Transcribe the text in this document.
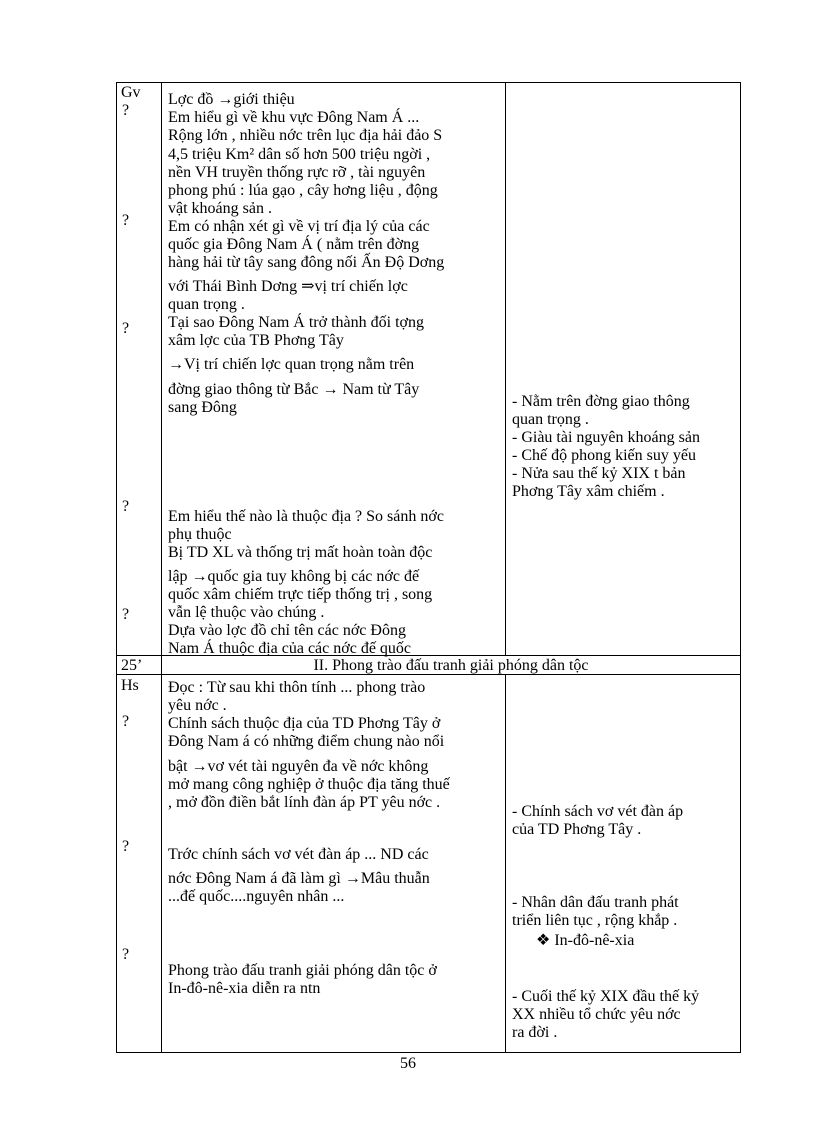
Gv
?
?
?
?
?
Lợc đồ →giới thiệu
Em hiểu gì về khu vực Đông Nam Á ...
Rộng lớn , nhiều nớc trên lục địa hải đảo S
4,5 triệu Km² dân số hơn 500 triệu ngời ,
nền VH truyền thống rực rỡ , tài nguyên
phong phú : lúa gạo , cây hơng liệu , động
vật khoáng sản .
Em có nhận xét gì về vị trí địa lý của các
quốc gia Đông Nam Á ( nằm trên đờng
hàng hải từ tây sang đông nối Ấn Độ Dơng
với Thái Bình Dơng ⇒vị trí chiến lợc
quan trọng .
Tại sao Đông Nam Á trở thành đối tợng
xâm lợc của TB Phơng Tây
→Vị trí chiến lợc quan trọng nằm trên
đờng giao thông từ Bắc → Nam từ Tây
sang Đông
Em hiểu thế nào là thuộc địa ? So sánh nớc
phụ thuộc
Bị TD XL và thống trị mất hoàn toàn độc
lập →quốc gia tuy không bị các nớc đế
quốc xâm chiếm trực tiếp thống trị , song
vẫn lệ thuộc vào chúng .
Dựa vào lợc đồ chỉ tên các nớc Đông
Nam Á thuộc địa của các nớc đế quốc
- Nằm trên đờng giao thông
quan trọng .
- Giàu tài nguyên khoáng sản
- Chế độ phong kiến suy yếu
- Nửa sau thế kỷ XIX t bản
Phơng Tây xâm chiếm .
25’	II. Phong trào đấu tranh giải phóng dân tộc
Hs
?
?
?
Đọc : Từ sau khi thôn tính ... phong trào
yêu nớc .
Chính sách thuộc địa của TD Phơng Tây ở
Đông Nam á có những điểm chung nào nổi
bật →vơ vét tài nguyên đa về nớc không
mở mang công nghiệp ở thuộc địa tăng thuế
, mở đồn điền bắt lính đàn áp PT yêu nớc .
Trớc chính sách vơ vét đàn áp ... ND các
nớc Đông Nam á đã làm gì →Mâu thuẫn
...đế quốc....nguyên nhân ...
Phong trào đấu tranh giải phóng dân tộc ở
In-đô-nê-xia diễn ra ntn
- Chính sách vơ vét đàn áp
của TD Phơng Tây .
- Nhân dân đấu tranh phát
triển liên tục , rộng khắp .
❖ In-đô-nê-xia
- Cuối thế kỷ XIX đầu thế kỷ
XX nhiều tổ chức yêu nớc
ra đời .
56
